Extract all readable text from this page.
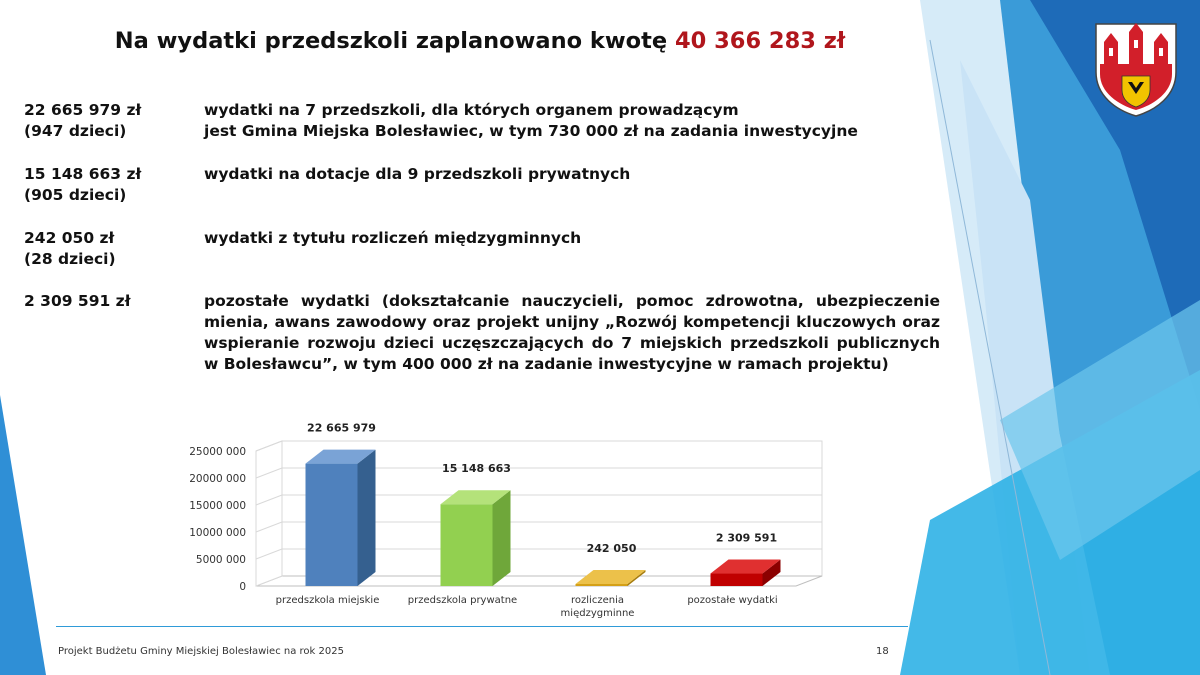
Na wydatki przedszkoli zaplanowano kwotę 40 366 283 zł
22 665 979 zł
(947 dzieci)
wydatki na 7 przedszkoli, dla których organem prowadzącym
jest Gmina Miejska Bolesławiec, w tym 730 000 zł na zadania inwestycyjne
15 148 663 zł
(905 dzieci)
wydatki na dotacje dla 9 przedszkoli prywatnych
242 050 zł
(28 dzieci)
wydatki z tytułu rozliczeń międzygminnych
2 309 591 zł	pozostałe wydatki (dokształcanie nauczycieli, pomoc zdrowotna, ubezpieczenie mienia, awans zawodowy oraz projekt unijny „Rozwój kompetencji kluczowych oraz wspieranie rozwoju dzieci uczęszczających do 7 miejskich przedszkoli publicznych w Bolesławcu”, w tym 400 000 zł na zadanie inwestycyjne w ramach projektu)
0
5000 000
10000 000
15000 000
20000 000
25000 000
22 665 979
przedszkola miejskie
15 148 663
przedszkola prywatne
242 050
rozliczenia
międzygminne
2 309 591
pozostałe wydatki
Projekt Budżetu Gminy Miejskiej Bolesławiec na rok 2025	18
